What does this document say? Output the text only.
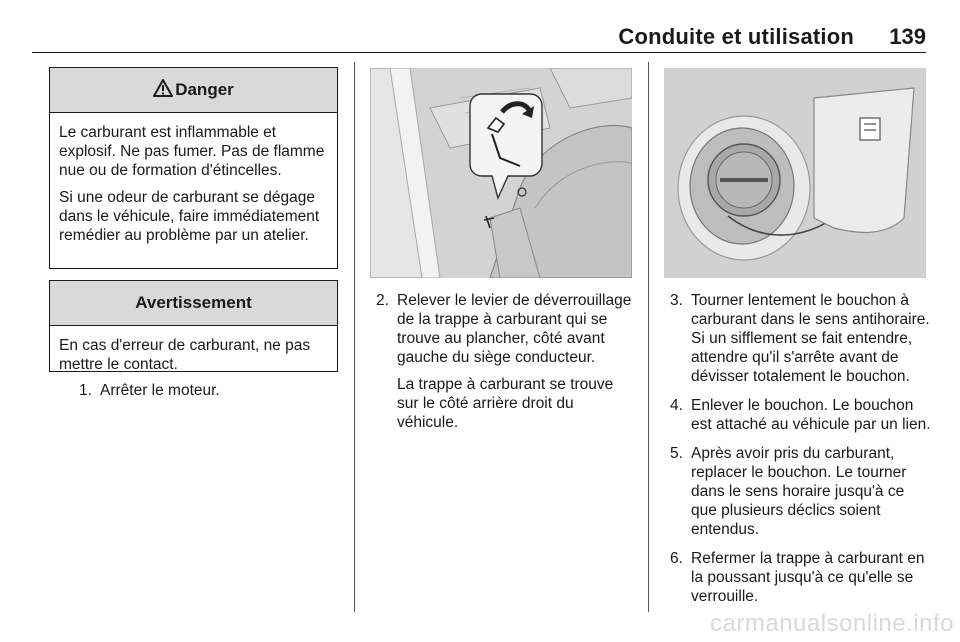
Conduite et utilisation 139
Danger

Le carburant est inflammable et explosif. Ne pas fumer. Pas de flamme nue ou de formation d'étincelles.

Si une odeur de carburant se dégage dans le véhicule, faire immédiatement remédier au problème par un atelier.

Avertissement

En cas d'erreur de carburant, ne pas mettre le contact.

1. Arrêter le moteur.

2. Relever le levier de déverrouillage de la trappe à carburant qui se trouve au plancher, côté avant gauche du siège conducteur.

La trappe à carburant se trouve sur le côté arrière droit du véhicule.

3. Tourner lentement le bouchon à carburant dans le sens antihoraire. Si un sifflement se fait entendre, attendre qu'il s'arrête avant de dévisser totalement le bouchon.

4. Enlever le bouchon. Le bouchon est attaché au véhicule par un lien.

5. Après avoir pris du carburant, replacer le bouchon. Le tourner dans le sens horaire jusqu'à ce que plusieurs déclics soient entendus.

6. Refermer la trappe à carburant en la poussant jusqu'à ce qu'elle se verrouille.

carmanualsonline.info
